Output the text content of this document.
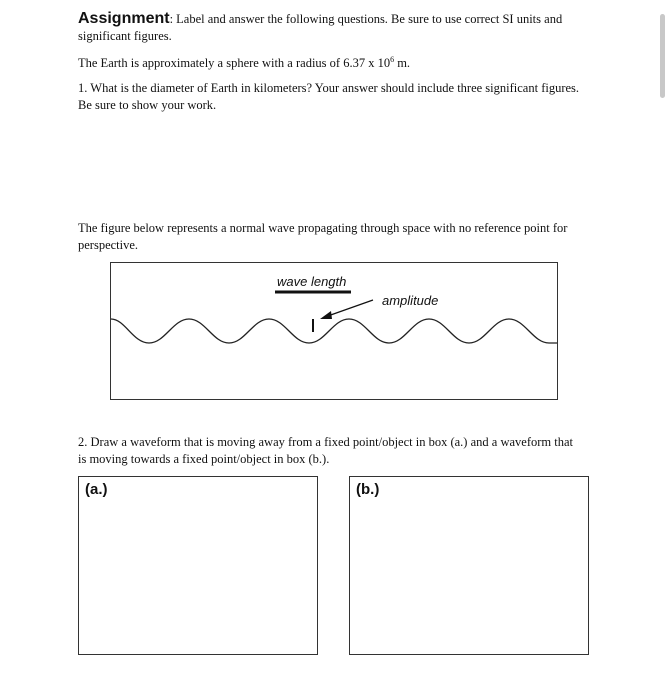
Assignment: Label and answer the following questions. Be sure to use correct SI units and significant figures.

The Earth is approximately a sphere with a radius of 6.37 x $10^6$ m.

1. What is the diameter of Earth in kilometers? Your answer should include three significant figures. Be sure to show your work.

The figure below represents a normal wave propagating through space with no reference point for perspective.

wave length
amplitude

2. Draw a waveform that is moving away from a fixed point/object in box (a.) and a waveform that is moving towards a fixed point/object in box (b.).

(a.)	(b.)
